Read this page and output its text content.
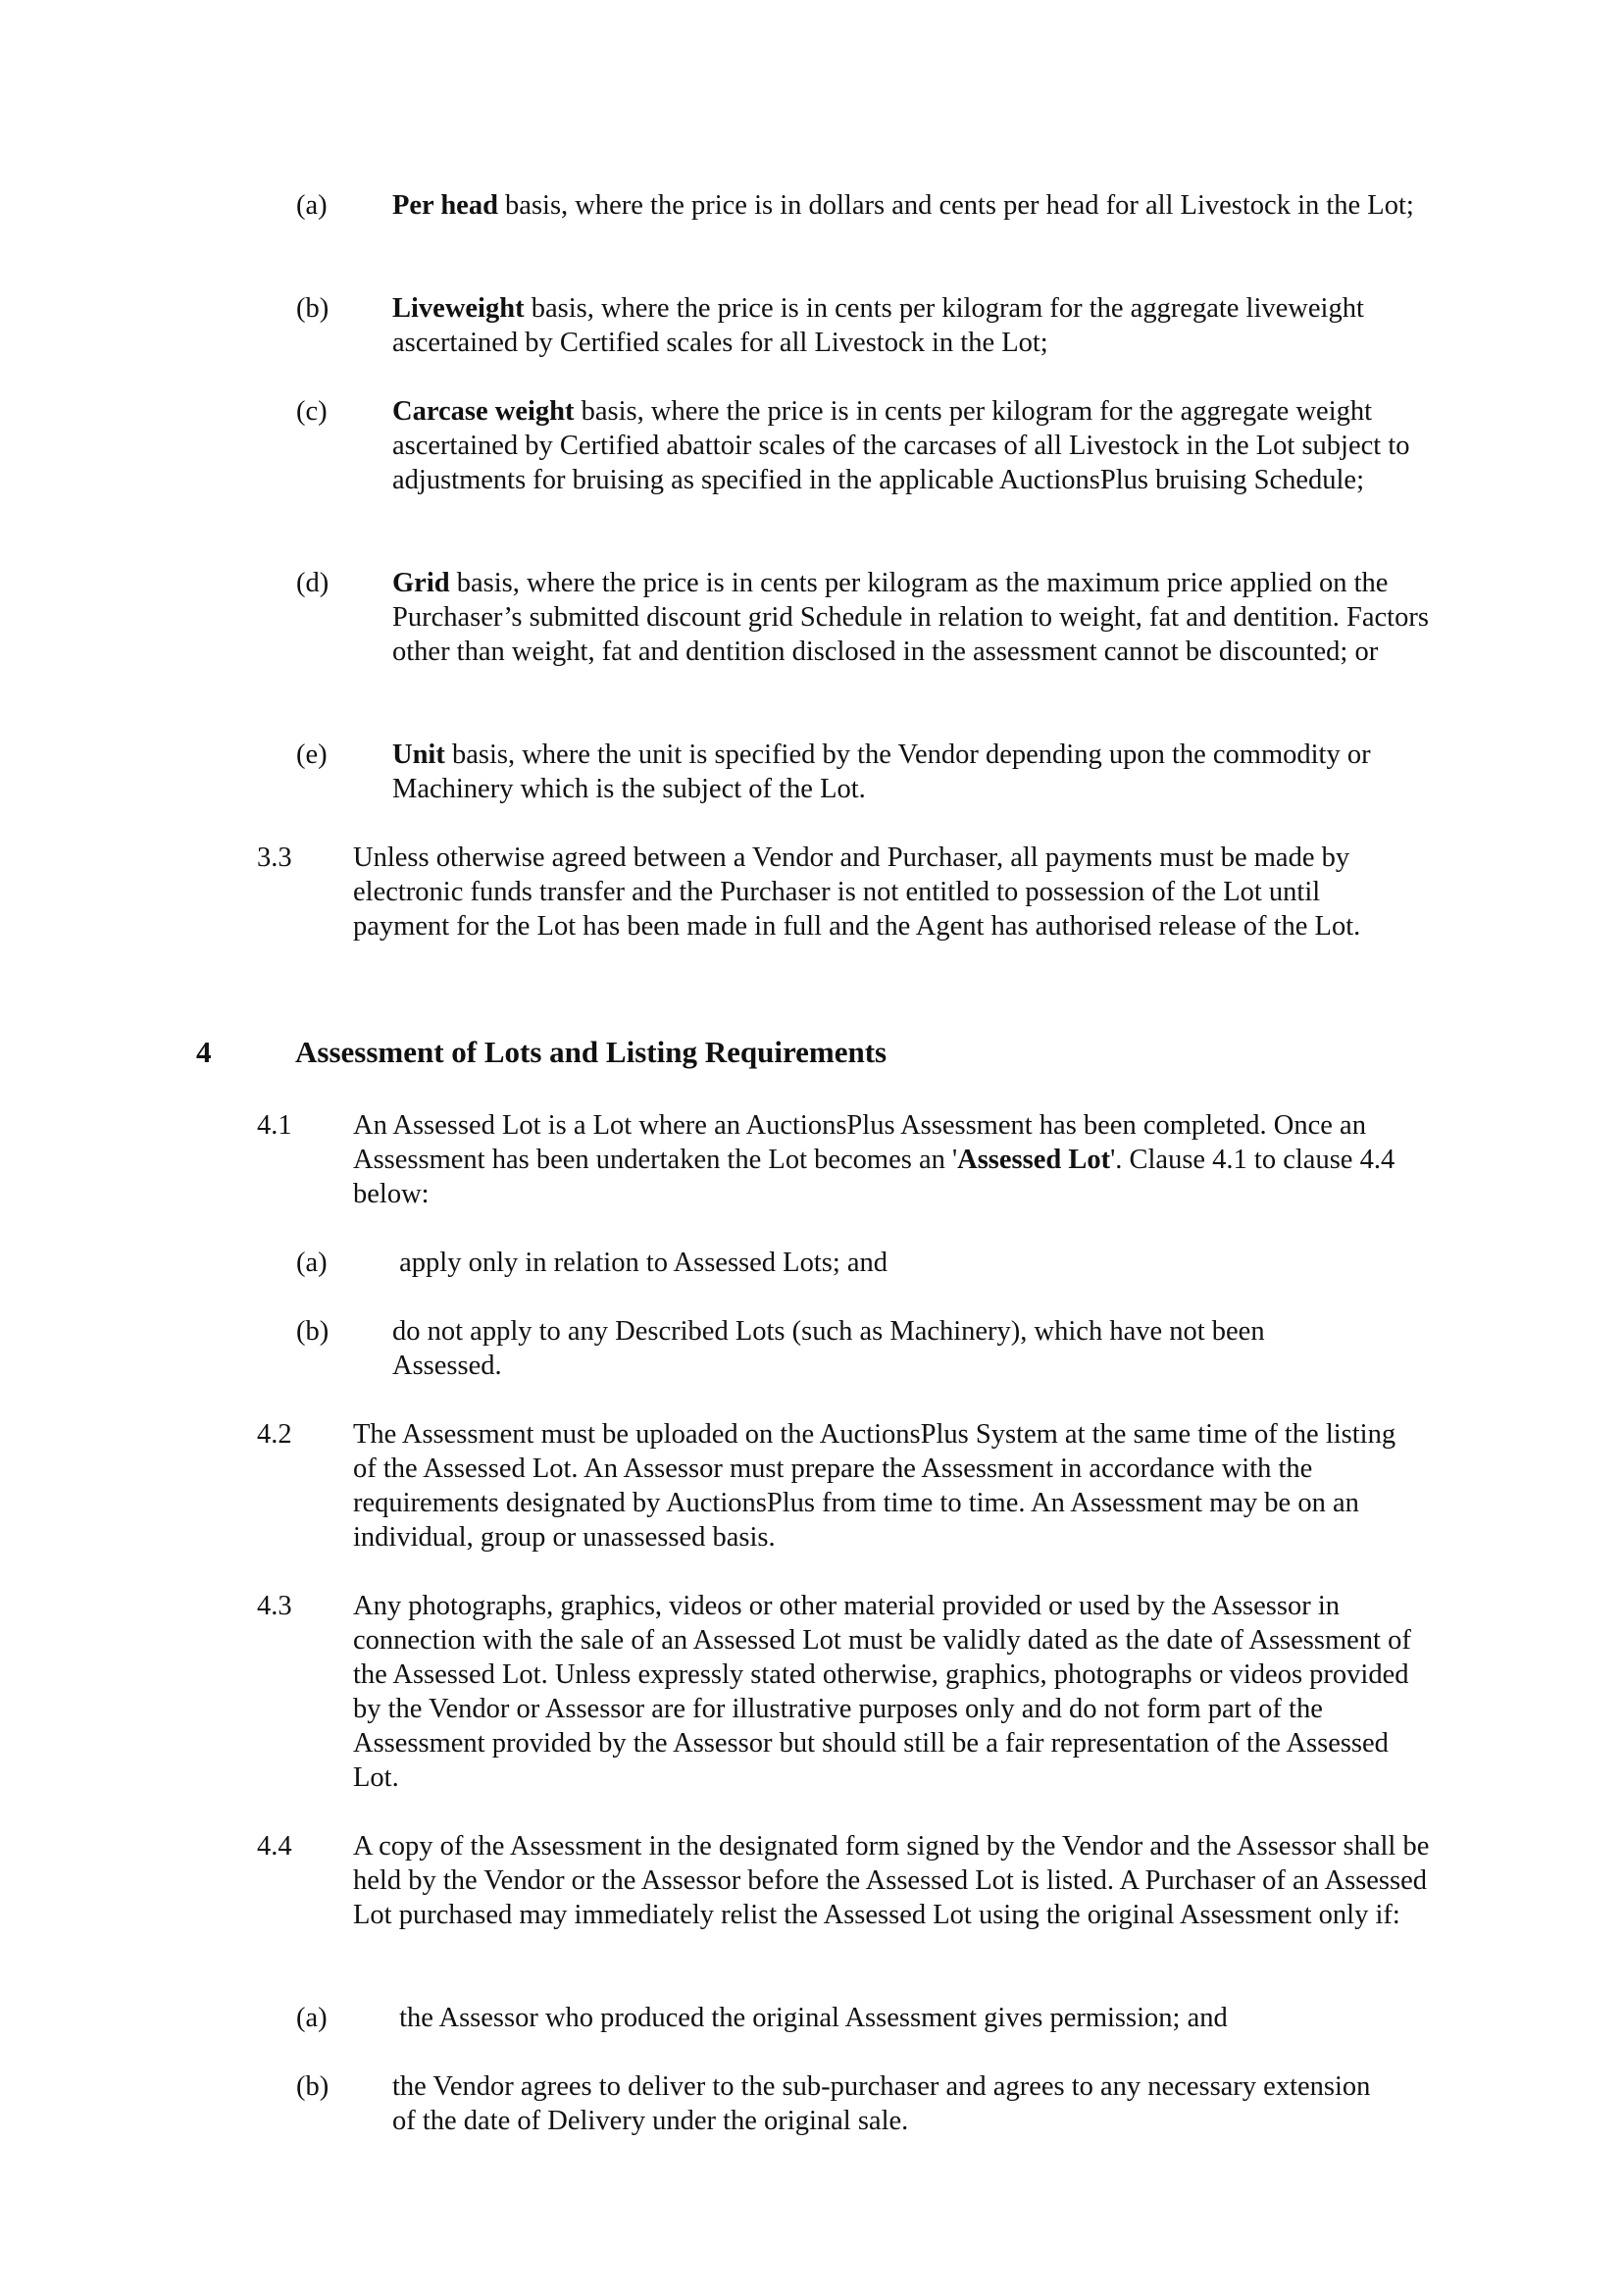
(a) Per head basis, where the price is in dollars and cents per head for all Livestock in the Lot;
(b) Liveweight basis, where the price is in cents per kilogram for the aggregate liveweight ascertained by Certified scales for all Livestock in the Lot;
(c) Carcase weight basis, where the price is in cents per kilogram for the aggregate weight ascertained by Certified abattoir scales of the carcases of all Livestock in the Lot subject to adjustments for bruising as specified in the applicable AuctionsPlus bruising Schedule;
(d) Grid basis, where the price is in cents per kilogram as the maximum price applied on the Purchaser’s submitted discount grid Schedule in relation to weight, fat and dentition. Factors other than weight, fat and dentition disclosed in the assessment cannot be discounted; or
(e) Unit basis, where the unit is specified by the Vendor depending upon the commodity or Machinery which is the subject of the Lot.
3.3 Unless otherwise agreed between a Vendor and Purchaser, all payments must be made by electronic funds transfer and the Purchaser is not entitled to possession of the Lot until payment for the Lot has been made in full and the Agent has authorised release of the Lot.
4	Assessment of Lots and Listing Requirements
4.1 An Assessed Lot is a Lot where an AuctionsPlus Assessment has been completed. Once an Assessment has been undertaken the Lot becomes an 'Assessed Lot'. Clause 4.1 to clause 4.4 below:
(a) apply only in relation to Assessed Lots; and
(b) do not apply to any Described Lots (such as Machinery), which have not been Assessed.
4.2 The Assessment must be uploaded on the AuctionsPlus System at the same time of the listing of the Assessed Lot. An Assessor must prepare the Assessment in accordance with the requirements designated by AuctionsPlus from time to time. An Assessment may be on an individual, group or unassessed basis.
4.3 Any photographs, graphics, videos or other material provided or used by the Assessor in connection with the sale of an Assessed Lot must be validly dated as the date of Assessment of the Assessed Lot. Unless expressly stated otherwise, graphics, photographs or videos provided by the Vendor or Assessor are for illustrative purposes only and do not form part of the Assessment provided by the Assessor but should still be a fair representation of the Assessed Lot.
4.4 A copy of the Assessment in the designated form signed by the Vendor and the Assessor shall be held by the Vendor or the Assessor before the Assessed Lot is listed. A Purchaser of an Assessed Lot purchased may immediately relist the Assessed Lot using the original Assessment only if:
(a) the Assessor who produced the original Assessment gives permission; and
(b) the Vendor agrees to deliver to the sub-purchaser and agrees to any necessary extension of the date of Delivery under the original sale.
